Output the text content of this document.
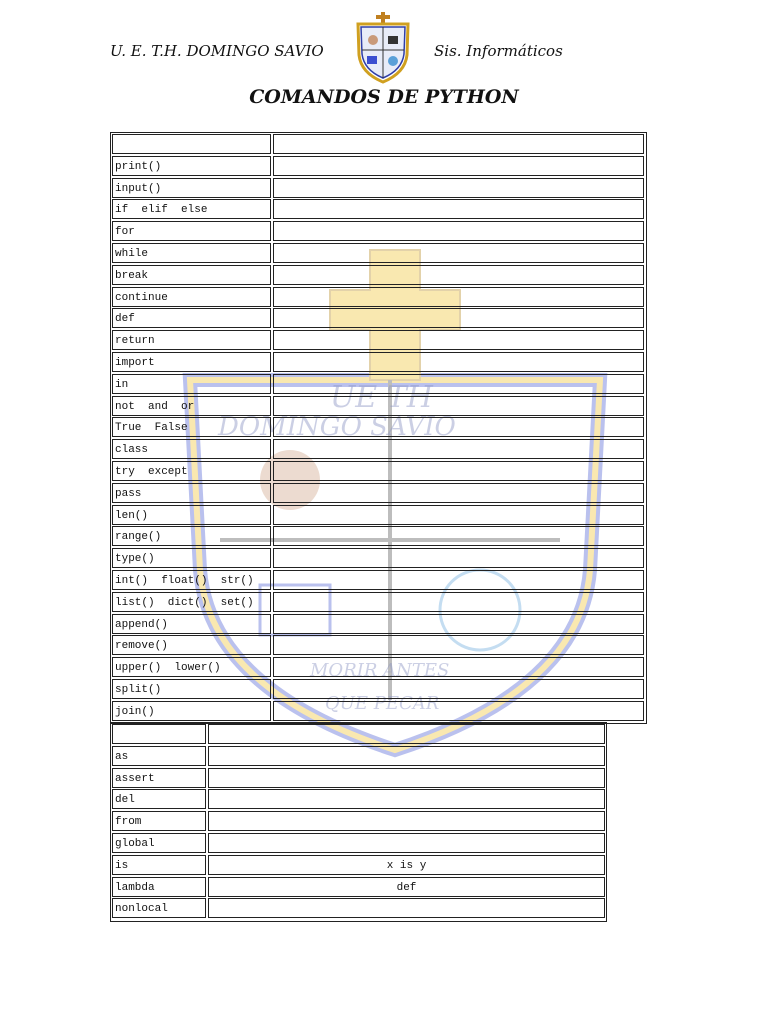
UE TH
DOMINGO SAVIO
MORIR ANTES
QUE PECAR
U. E. T.H. DOMINGO SAVIO	Sis. Informáticos
COMANDOS DE PYTHON
print()
input()
if  elif  else
for
while
break
continue
def
return
import
in
not  and  or
True  False
class
try  except
pass
len()
range()
type()
int()  float()  str()
list()  dict()  set()
append()
remove()
upper()  lower()
split()
join()
as
assert
del
from
global
is	x is y
lambda	def
nonlocal
